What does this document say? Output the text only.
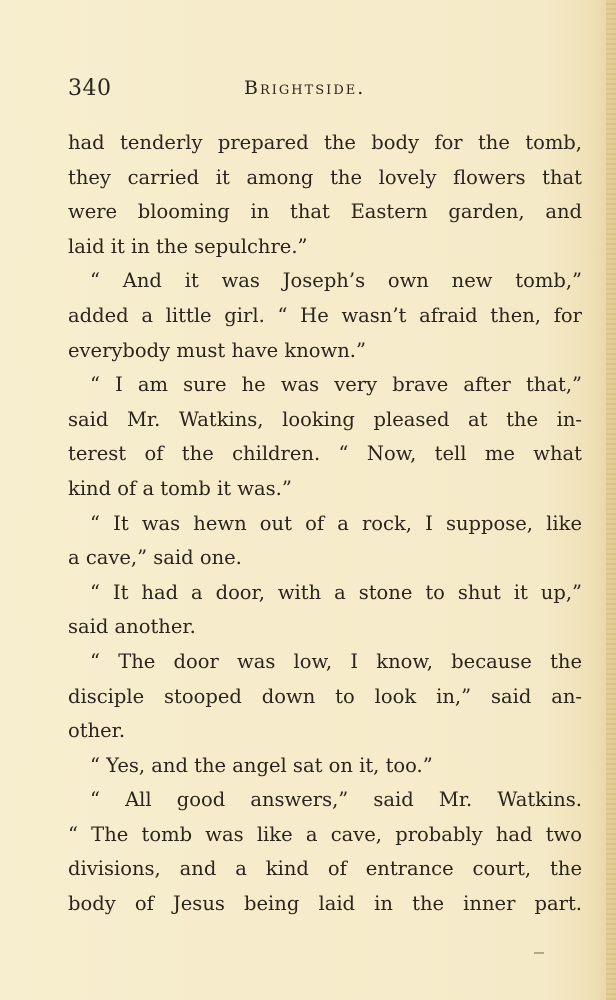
340	Brightside.
had tenderly prepared the body for the tomb,
they carried it among the lovely flowers that
were blooming in that Eastern garden, and
laid it in the sepulchre.”
“ And it was Joseph’s own new tomb,”
added a little girl. “ He wasn’t afraid then, for
everybody must have known.”
“ I am sure he was very brave after that,”
said Mr. Watkins, looking pleased at the in-
terest of the children. “ Now, tell me what
kind of a tomb it was.”
“ It was hewn out of a rock, I suppose, like
a cave,” said one.
“ It had a door, with a stone to shut it up,”
said another.
“ The door was low, I know, because the
disciple stooped down to look in,” said an-
other.
“ Yes, and the angel sat on it, too.”
“ All good answers,” said Mr. Watkins.
“ The tomb was like a cave, probably had two
divisions, and a kind of entrance court, the
body of Jesus being laid in the inner part.
